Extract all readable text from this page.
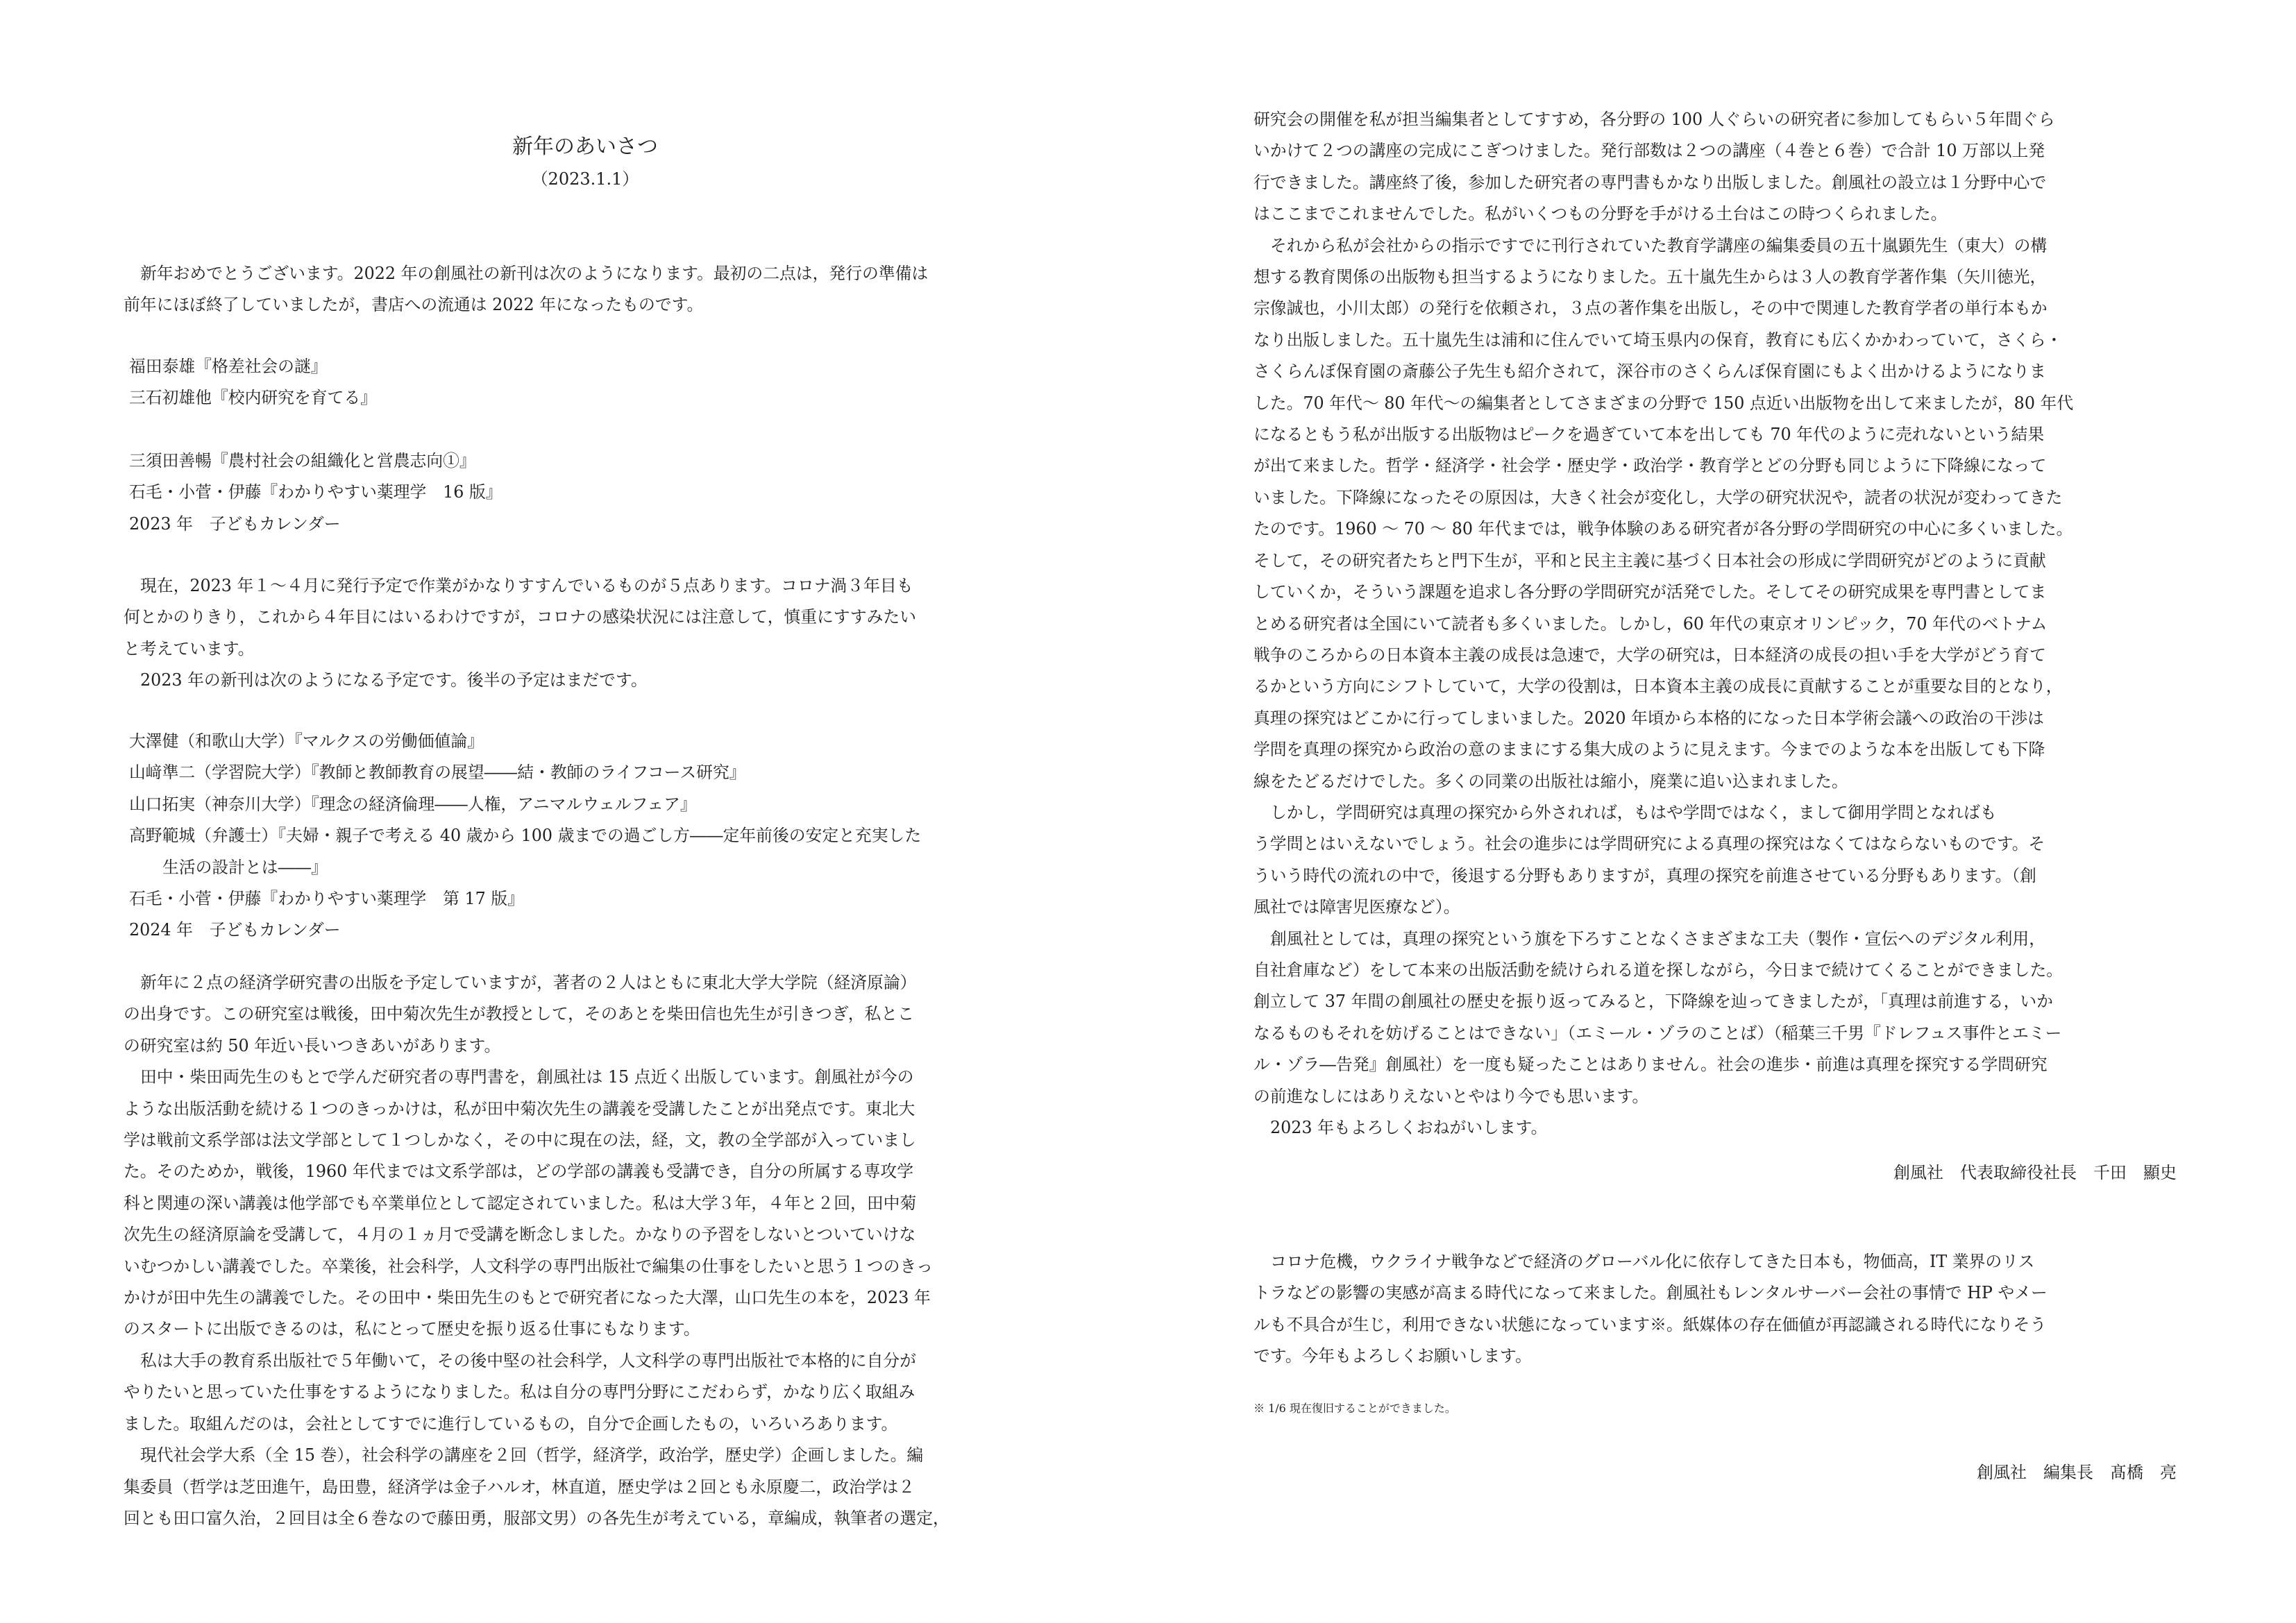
新年のあいさつ
（2023.1.1）

新年おめでとうございます。2022 年の創風社の新刊は次のようになります。最初の二点は，発行の準備は

前年にほぼ終了していましたが，書店への流通は 2022 年になったものです。

福田泰雄『格差社会の謎』

三石初雄他『校内研究を育てる』

三須田善暢『農村社会の組織化と営農志向①』

石毛・小菅・伊藤『わかりやすい薬理学　16 版』

2023 年　子どもカレンダー

現在，2023 年１～４月に発行予定で作業がかなりすすんでいるものが５点あります。コロナ渦３年目も

何とかのりきり，これから４年目にはいるわけですが，コロナの感染状況には注意して，慎重にすすみたい

と考えています。

2023 年の新刊は次のようになる予定です。後半の予定はまだです。

大澤健（和歌山大学）『マルクスの労働価値論』

山﨑準二（学習院大学）『教師と教師教育の展望――結・教師のライフコース研究』

山口拓実（神奈川大学）『理念の経済倫理――人権，アニマルウェルフェア』

高野範城（弁護士）『夫婦・親子で考える 40 歳から 100 歳までの過ごし方――定年前後の安定と充実した

生活の設計とは――』

石毛・小菅・伊藤『わかりやすい薬理学　第 17 版』

2024 年　子どもカレンダー

新年に２点の経済学研究書の出版を予定していますが，著者の２人はともに東北大学大学院（経済原論）

の出身です。この研究室は戦後，田中菊次先生が教授として，そのあとを柴田信也先生が引きつぎ，私とこ

の研究室は約 50 年近い長いつきあいがあります。

田中・柴田両先生のもとで学んだ研究者の専門書を，創風社は 15 点近く出版しています。創風社が今の

ような出版活動を続ける１つのきっかけは，私が田中菊次先生の講義を受講したことが出発点です。東北大

学は戦前文系学部は法文学部として１つしかなく，その中に現在の法，経，文，教の全学部が入っていまし

た。そのためか，戦後，1960 年代までは文系学部は，どの学部の講義も受講でき，自分の所属する専攻学

科と関連の深い講義は他学部でも卒業単位として認定されていました。私は大学３年，４年と２回，田中菊

次先生の経済原論を受講して，４月の１ヵ月で受講を断念しました。かなりの予習をしないとついていけな

いむつかしい講義でした。卒業後，社会科学，人文科学の専門出版社で編集の仕事をしたいと思う１つのきっ

かけが田中先生の講義でした。その田中・柴田先生のもとで研究者になった大澤，山口先生の本を，2023 年

のスタートに出版できるのは，私にとって歴史を振り返る仕事にもなります。

私は大手の教育系出版社で５年働いて，その後中堅の社会科学，人文科学の専門出版社で本格的に自分が

やりたいと思っていた仕事をするようになりました。私は自分の専門分野にこだわらず，かなり広く取組み

ました。取組んだのは，会社としてすでに進行しているもの，自分で企画したもの，いろいろあります。

現代社会学大系（全 15 巻），社会科学の講座を２回（哲学，経済学，政治学，歴史学）企画しました。編

集委員（哲学は芝田進午，島田豊，経済学は金子ハルオ，林直道，歴史学は２回とも永原慶二，政治学は２

回とも田口富久治，２回目は全６巻なので藤田勇，服部文男）の各先生が考えている，章編成，執筆者の選定，

研究会の開催を私が担当編集者としてすすめ，各分野の 100 人ぐらいの研究者に参加してもらい５年間ぐら

いかけて２つの講座の完成にこぎつけました。発行部数は２つの講座（４巻と６巻）で合計 10 万部以上発

行できました。講座終了後，参加した研究者の専門書もかなり出版しました。創風社の設立は１分野中心で

はここまでこれませんでした。私がいくつもの分野を手がける土台はこの時つくられました。

それから私が会社からの指示ですでに刊行されていた教育学講座の編集委員の五十嵐顕先生（東大）の構

想する教育関係の出版物も担当するようになりました。五十嵐先生からは３人の教育学著作集（矢川徳光，

宗像誠也，小川太郎）の発行を依頼され，３点の著作集を出版し，その中で関連した教育学者の単行本もか

なり出版しました。五十嵐先生は浦和に住んでいて埼玉県内の保育，教育にも広くかかわっていて，さくら・

さくらんぼ保育園の斎藤公子先生も紹介されて，深谷市のさくらんぼ保育園にもよく出かけるようになりま

した。70 年代～ 80 年代～の編集者としてさまざまの分野で 150 点近い出版物を出して来ましたが，80 年代

になるともう私が出版する出版物はピークを過ぎていて本を出しても 70 年代のように売れないという結果

が出て来ました。哲学・経済学・社会学・歴史学・政治学・教育学とどの分野も同じように下降線になって

いました。下降線になったその原因は，大きく社会が変化し，大学の研究状況や，読者の状況が変わってきた

たのです。1960 ～ 70 ～ 80 年代までは，戦争体験のある研究者が各分野の学問研究の中心に多くいました。

そして，その研究者たちと門下生が，平和と民主主義に基づく日本社会の形成に学問研究がどのように貢献

していくか，そういう課題を追求し各分野の学問研究が活発でした。そしてその研究成果を専門書としてま

とめる研究者は全国にいて読者も多くいました。しかし，60 年代の東京オリンピック，70 年代のベトナム

戦争のころからの日本資本主義の成長は急速で，大学の研究は，日本経済の成長の担い手を大学がどう育て

るかという方向にシフトしていて，大学の役割は，日本資本主義の成長に貢献することが重要な目的となり，

真理の探究はどこかに行ってしまいました。2020 年頃から本格的になった日本学術会議への政治の干渉は

学問を真理の探究から政治の意のままにする集大成のように見えます。今までのような本を出版しても下降

線をたどるだけでした。多くの同業の出版社は縮小，廃業に追い込まれました。

しかし，学問研究は真理の探究から外されれば，もはや学問ではなく，まして御用学問となればも

う学問とはいえないでしょう。社会の進歩には学問研究による真理の探究はなくてはならないものです。そ

ういう時代の流れの中で，後退する分野もありますが，真理の探究を前進させている分野もあります。（創

風社では障害児医療など）。

創風社としては，真理の探究という旗を下ろすことなくさまざまな工夫（製作・宣伝へのデジタル利用，

自社倉庫など）をして本来の出版活動を続けられる道を探しながら，今日まで続けてくることができました。

創立して 37 年間の創風社の歴史を振り返ってみると，下降線を辿ってきましたが，「真理は前進する，いか

なるものもそれを妨げることはできない」（エミール・ゾラのことば）（稲葉三千男『ドレフュス事件とエミー

ル・ゾラ―告発』創風社）を一度も疑ったことはありません。社会の進歩・前進は真理を探究する学問研究

の前進なしにはありえないとやはり今でも思います。

2023 年もよろしくおねがいします。

創風社　代表取締役社長　千田　顯史

コロナ危機，ウクライナ戦争などで経済のグローバル化に依存してきた日本も，物価高，IT 業界のリス

トラなどの影響の実感が高まる時代になって来ました。創風社もレンタルサーバー会社の事情で HP やメー

ルも不具合が生じ，利用できない状態になっています※。紙媒体の存在価値が再認識される時代になりそう

です。今年もよろしくお願いします。

※ 1/6 現在復旧することができました。
創風社　編集長　髙橋　亮
